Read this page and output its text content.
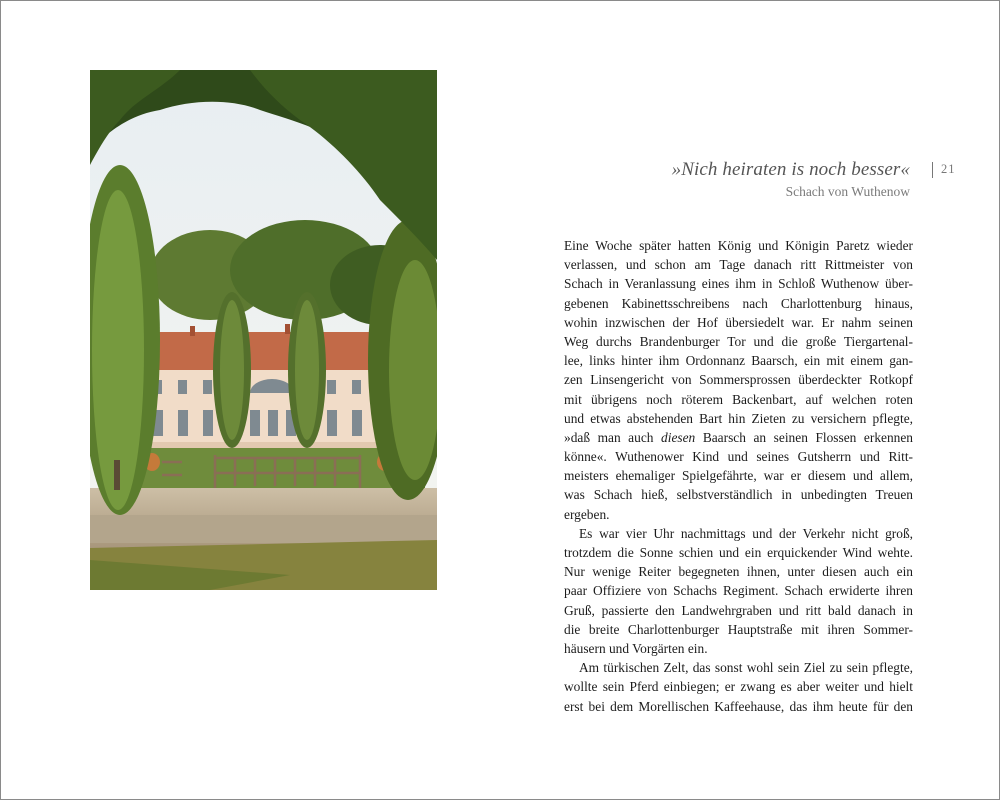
»Nich heiraten is noch besser«
Schach von Wuthenow
21
Eine Woche später hatten König und Königin Paretz wieder
verlassen, und schon am Tage danach ritt Rittmeister von
Schach in Veranlassung eines ihm in Schloß Wuthenow über-
gebenen Kabinettsschreibens nach Charlottenburg hinaus,
wohin inzwischen der Hof übersiedelt war. Er nahm seinen
Weg durchs Brandenburger Tor und die große Tiergartenal-
lee, links hinter ihm Ordonnanz Baarsch, ein mit einem gan-
zen Linsengericht von Sommersprossen überdeckter Rotkopf
mit übrigens noch röterem Backenbart, auf welchen roten
und etwas abstehenden Bart hin Zieten zu versichern pflegte,
»daß man auch diesen Baarsch an seinen Flossen erkennen
könne«. Wuthenower Kind und seines Gutsherrn und Ritt-
meisters ehemaliger Spielgefährte, war er diesem und allem,
was Schach hieß, selbstverständlich in unbedingten Treuen
ergeben.
Es war vier Uhr nachmittags und der Verkehr nicht groß,
trotzdem die Sonne schien und ein erquickender Wind wehte.
Nur wenige Reiter begegneten ihnen, unter diesen auch ein
paar Offiziere von Schachs Regiment. Schach erwiderte ihren
Gruß, passierte den Landwehrgraben und ritt bald danach in
die breite Charlottenburger Hauptstraße mit ihren Sommer-
häusern und Vorgärten ein.
Am türkischen Zelt, das sonst wohl sein Ziel zu sein pflegte,
wollte sein Pferd einbiegen; er zwang es aber weiter und hielt
erst bei dem Morellischen Kaffeehause, das ihm heute für den
